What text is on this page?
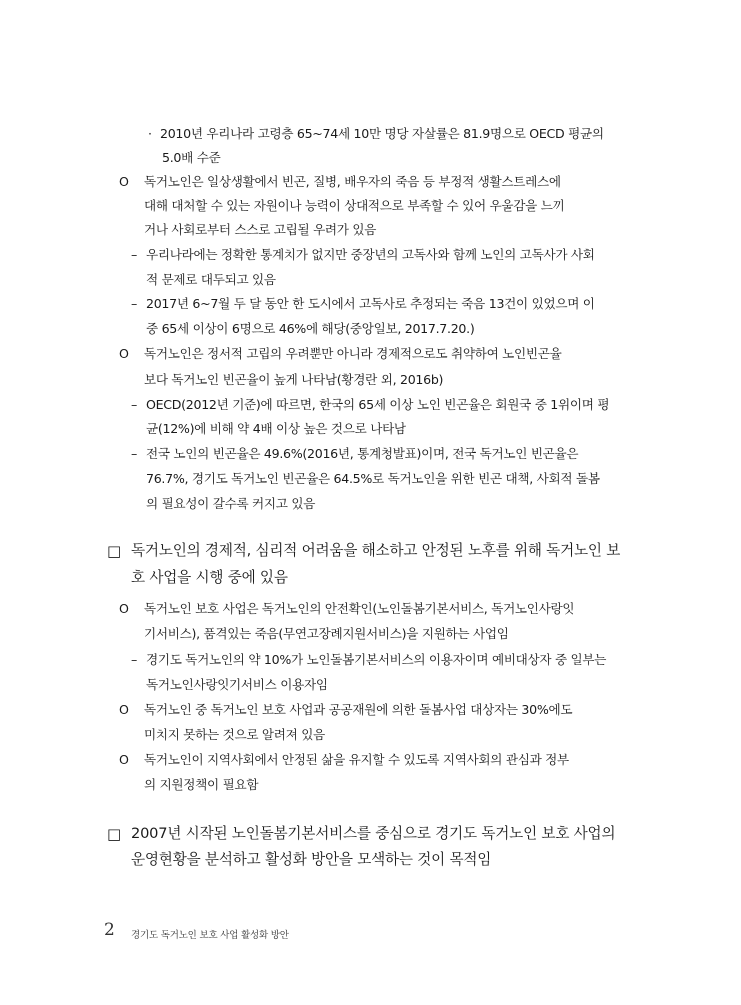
·
O
–
–
O
–
–
□
O
–
O
O
□
2010년 우리나라 고령층 65~74세 10만 명당 자살률은 81.9명으로 OECD 평균의
5.0배 수준
독거노인은 일상생활에서 빈곤, 질병, 배우자의 죽음 등 부정적 생활스트레스에
대해 대처할 수 있는 자원이나 능력이 상대적으로 부족할 수 있어 우울감을 느끼
거나 사회로부터 스스로 고립될 우려가 있음
우리나라에는 정확한 통계치가 없지만 중장년의 고독사와 함께 노인의 고독사가 사회
적 문제로 대두되고 있음
2017년 6~7월 두 달 동안 한 도시에서 고독사로 추정되는 죽음 13건이 있었으며 이
중 65세 이상이 6명으로 46%에 해당(중앙일보, 2017.7.20.)
독거노인은 정서적 고립의 우려뿐만 아니라 경제적으로도 취약하여 노인빈곤율
보다 독거노인 빈곤율이 높게 나타남(황경란 외, 2016b)
OECD(2012년 기준)에 따르면, 한국의 65세 이상 노인 빈곤율은 회원국 중 1위이며 평
균(12%)에 비해 약 4배 이상 높은 것으로 나타남
전국 노인의 빈곤율은 49.6%(2016년, 통계청발표)이며, 전국 독거노인 빈곤율은
76.7%, 경기도 독거노인 빈곤율은 64.5%로 독거노인을 위한 빈곤 대책, 사회적 돌봄
의 필요성이 갈수록 커지고 있음
독거노인의 경제적, 심리적 어려움을 해소하고 안정된 노후를 위해 독거노인 보
호 사업을 시행 중에 있음
독거노인 보호 사업은 독거노인의 안전확인(노인돌봄기본서비스, 독거노인사랑잇
기서비스), 품격있는 죽음(무연고장례지원서비스)을 지원하는 사업임
경기도 독거노인의 약 10%가 노인돌봄기본서비스의 이용자이며 예비대상자 중 일부는
독거노인사랑잇기서비스 이용자임
독거노인 중 독거노인 보호 사업과 공공재원에 의한 돌봄사업 대상자는 30%에도
미치지 못하는 것으로 알려져 있음
독거노인이 지역사회에서 안정된 삶을 유지할 수 있도록 지역사회의 관심과 정부
의 지원정책이 필요함
2007년 시작된 노인돌봄기본서비스를 중심으로 경기도 독거노인 보호 사업의
운영현황을 분석하고 활성화 방안을 모색하는 것이 목적임
2 경기도 독거노인 보호 사업 활성화 방안
